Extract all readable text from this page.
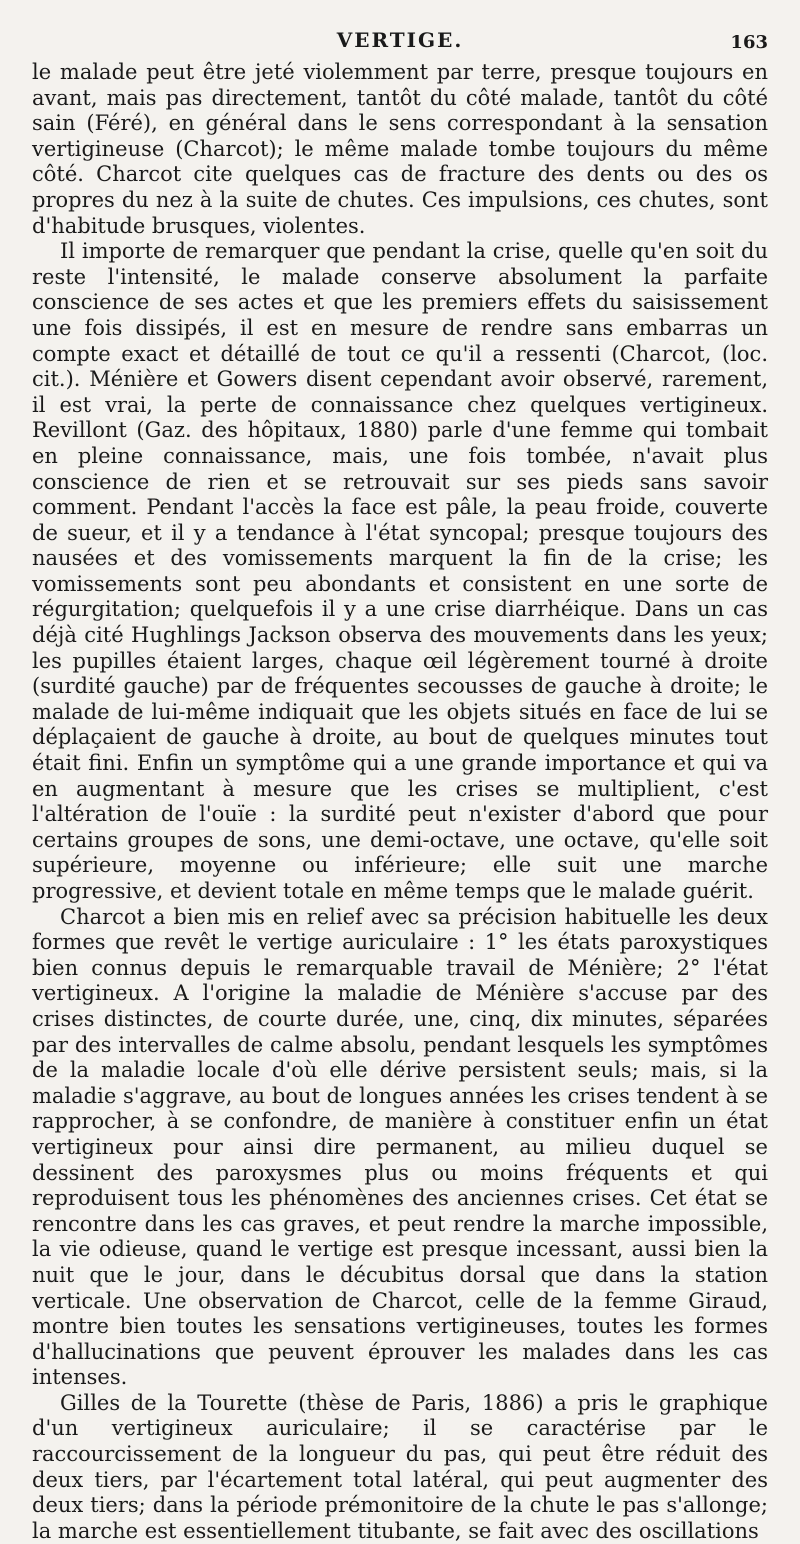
VERTIGE.	163

le malade peut être jeté violemment par terre, presque toujours en avant, mais pas directement, tantôt du côté malade, tantôt du côté sain (Féré), en général dans le sens correspondant à la sensation vertigineuse (Charcot); le même malade tombe toujours du même côté. Charcot cite quelques cas de fracture des dents ou des os propres du nez à la suite de chutes. Ces impulsions, ces chutes, sont d'habitude brusques, violentes.

Il importe de remarquer que pendant la crise, quelle qu'en soit du reste l'intensité, le malade conserve absolument la parfaite conscience de ses actes et que les premiers effets du saisissement une fois dissipés, il est en mesure de rendre sans embarras un compte exact et détaillé de tout ce qu'il a ressenti (Charcot, (loc. cit.). Ménière et Gowers disent cependant avoir observé, rarement, il est vrai, la perte de connaissance chez quelques vertigineux. Revillont (Gaz. des hôpitaux, 1880) parle d'une femme qui tombait en pleine connaissance, mais, une fois tombée, n'avait plus conscience de rien et se retrouvait sur ses pieds sans savoir comment. Pendant l'accès la face est pâle, la peau froide, couverte de sueur, et il y a tendance à l'état syncopal; presque toujours des nausées et des vomissements marquent la fin de la crise; les vomissements sont peu abondants et consistent en une sorte de régurgitation; quelquefois il y a une crise diarrhéique. Dans un cas déjà cité Hughlings Jackson observa des mouvements dans les yeux; les pupilles étaient larges, chaque œil légèrement tourné à droite (surdité gauche) par de fréquentes secousses de gauche à droite; le malade de lui-même indiquait que les objets situés en face de lui se déplaçaient de gauche à droite, au bout de quelques minutes tout était fini. Enfin un symptôme qui a une grande importance et qui va en augmentant à mesure que les crises se multiplient, c'est l'altération de l'ouïe : la surdité peut n'exister d'abord que pour certains groupes de sons, une demi-octave, une octave, qu'elle soit supérieure, moyenne ou inférieure; elle suit une marche progressive, et devient totale en même temps que le malade guérit.

Charcot a bien mis en relief avec sa précision habituelle les deux formes que revêt le vertige auriculaire : 1° les états paroxystiques bien connus depuis le remarquable travail de Ménière; 2° l'état vertigineux. A l'origine la maladie de Ménière s'accuse par des crises distinctes, de courte durée, une, cinq, dix minutes, séparées par des intervalles de calme absolu, pendant lesquels les symptômes de la maladie locale d'où elle dérive persistent seuls; mais, si la maladie s'aggrave, au bout de longues années les crises tendent à se rapprocher, à se confondre, de manière à constituer enfin un état vertigineux pour ainsi dire permanent, au milieu duquel se dessinent des paroxysmes plus ou moins fréquents et qui reproduisent tous les phénomènes des anciennes crises. Cet état se rencontre dans les cas graves, et peut rendre la marche impossible, la vie odieuse, quand le vertige est presque incessant, aussi bien la nuit que le jour, dans le décubitus dorsal que dans la station verticale. Une observation de Charcot, celle de la femme Giraud, montre bien toutes les sensations vertigineuses, toutes les formes d'hallucinations que peuvent éprouver les malades dans les cas intenses.

Gilles de la Tourette (thèse de Paris, 1886) a pris le graphique d'un vertigineux auriculaire; il se caractérise par le raccourcissement de la longueur du pas, qui peut être réduit des deux tiers, par l'écartement total latéral, qui peut augmenter des deux tiers; dans la période prémonitoire de la chute le pas s'allonge; la marche est essentiellement titubante, se fait avec des oscillations
